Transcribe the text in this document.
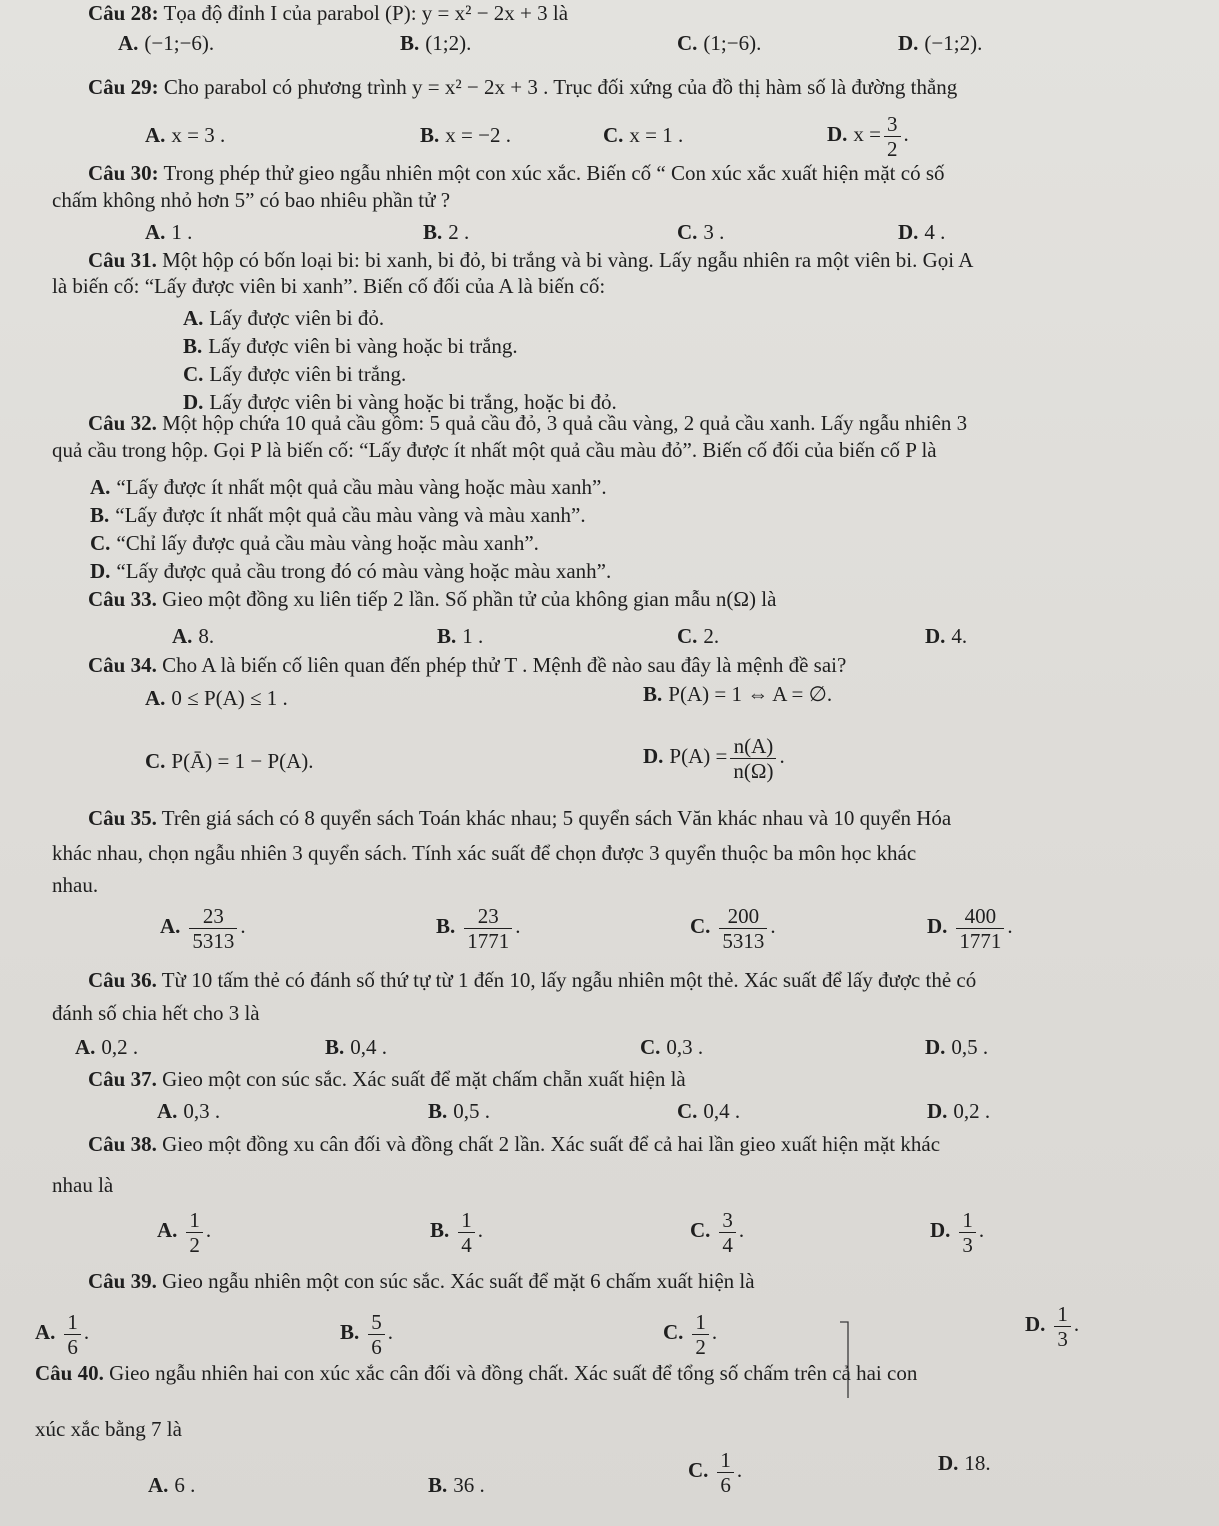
Câu 28: Tọa độ đỉnh I của parabol (P): y = x² − 2x + 3 là
A. (−1;−6).	B. (1;2).	C. (1;−6).	D. (−1;2).
Câu 29: Cho parabol có phương trình y = x² − 2x + 3 . Trục đối xứng của đồ thị hàm số là đường thẳng
A. x = 3 .	B. x = −2 .	C. x = 1 .	D. $x = \frac{3}{2}$ .
Câu 30: Trong phép thử gieo ngẫu nhiên một con xúc xắc. Biến cố “ Con xúc xắc xuất hiện mặt có số
chấm không nhỏ hơn 5” có bao nhiêu phần tử ?
A. 1 .	B. 2 .	C. 3 .	D. 4 .
Câu 31. Một hộp có bốn loại bi: bi xanh, bi đỏ, bi trắng và bi vàng. Lấy ngẫu nhiên ra một viên bi. Gọi A
là biến cố: “Lấy được viên bi xanh”. Biến cố đối của A là biến cố:
A. Lấy được viên bi đỏ.
B. Lấy được viên bi vàng hoặc bi trắng.
C. Lấy được viên bi trắng.
D. Lấy được viên bi vàng hoặc bi trắng, hoặc bi đỏ.
Câu 32. Một hộp chứa 10 quả cầu gồm: 5 quả cầu đỏ, 3 quả cầu vàng, 2 quả cầu xanh. Lấy ngẫu nhiên 3
quả cầu trong hộp. Gọi P là biến cố: “Lấy được ít nhất một quả cầu màu đỏ”. Biến cố đối của biến cố P là
A. “Lấy được ít nhất một quả cầu màu vàng hoặc màu xanh”.
B. “Lấy được ít nhất một quả cầu màu vàng và màu xanh”.
C. “Chỉ lấy được quả cầu màu vàng hoặc màu xanh”.
D. “Lấy được quả cầu trong đó có màu vàng hoặc màu xanh”.
Câu 33. Gieo một đồng xu liên tiếp 2 lần. Số phần tử của không gian mẫu n(Ω) là
A. 8.	B. 1 .	C. 2.	D. 4.
Câu 34. Cho A là biến cố liên quan đến phép thử T . Mệnh đề nào sau đây là mệnh đề sai?
A. 0 ≤ P(A) ≤ 1 .	B. P(A) = 1 ⇔ A = ∅.
C. P(Ā) = 1 − P(A).	D. $P(A) = \frac{n(A)}{n(\Omega)}$ .
Câu 35. Trên giá sách có 8 quyển sách Toán khác nhau; 5 quyển sách Văn khác nhau và 10 quyển Hóa
khác nhau, chọn ngẫu nhiên 3 quyển sách. Tính xác suất để chọn được 3 quyển thuộc ba môn học khác
nhau.
A. $\frac{23}{5313}$ .	B. $\frac{23}{1771}$ .	C. $\frac{200}{5313}$ .	D. $\frac{400}{1771}$ .
Câu 36. Từ 10 tấm thẻ có đánh số thứ tự từ 1 đến 10, lấy ngẫu nhiên một thẻ. Xác suất để lấy được thẻ có
đánh số chia hết cho 3 là
A. 0,2 .	B. 0,4 .	C. 0,3 .	D. 0,5 .
Câu 37. Gieo một con súc sắc. Xác suất để mặt chấm chẵn xuất hiện là
A. 0,3 .	B. 0,5 .	C. 0,4 .	D. 0,2 .
Câu 38. Gieo một đồng xu cân đối và đồng chất 2 lần. Xác suất để cả hai lần gieo xuất hiện mặt khác
nhau là
A. $\frac{1}{2}$ .	B. $\frac{1}{4}$ .	C. $\frac{3}{4}$ .	D. $\frac{1}{3}$ .
Câu 39. Gieo ngẫu nhiên một con súc sắc. Xác suất để mặt 6 chấm xuất hiện là
A. $\frac{1}{6}$ .	B. $\frac{5}{6}$ .	C. $\frac{1}{2}$ .	D. $\frac{1}{3}$ .
Câu 40. Gieo ngẫu nhiên hai con xúc xắc cân đối và đồng chất. Xác suất để tổng số chấm trên cả hai con
xúc xắc bằng 7 là
A. 6 .	B. 36 .
C. $\frac{1}{6}$ .	D. 18.
